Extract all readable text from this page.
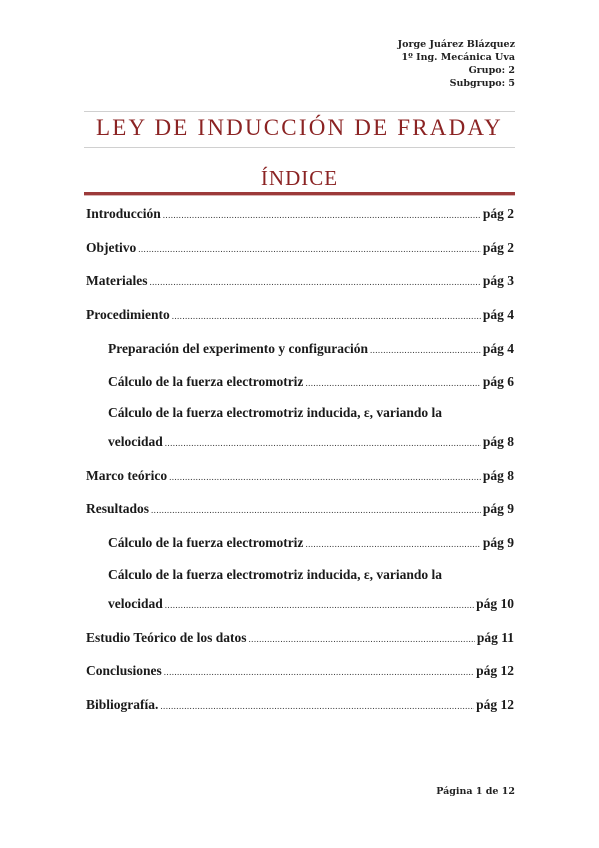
Jorge Juárez Blázquez
1º Ing. Mecánica Uva
Grupo: 2
Subgrupo: 5
LEY DE INDUCCIÓN DE FRADAY
ÍNDICE
Introducción .....	pág 2
Objetivo .....	pág 2
Materiales .....	pág 3
Procedimiento .....	pág 4
Preparación del experimento y configuración .....	pág 4
Cálculo de la fuerza electromotriz .....	pág 6
Cálculo de la fuerza electromotriz inducida, ε, variando la
velocidad .....	pág 8
Marco teórico .....	pág 8
Resultados .....	pág 9
Cálculo de la fuerza electromotriz .....	pág 9
Cálculo de la fuerza electromotriz inducida, ε, variando la
velocidad .....	pág 10
Estudio Teórico de los datos .....	pág 11
Conclusiones .....	pág 12
Bibliografía. .....	pág 12
Página 1 de 12
